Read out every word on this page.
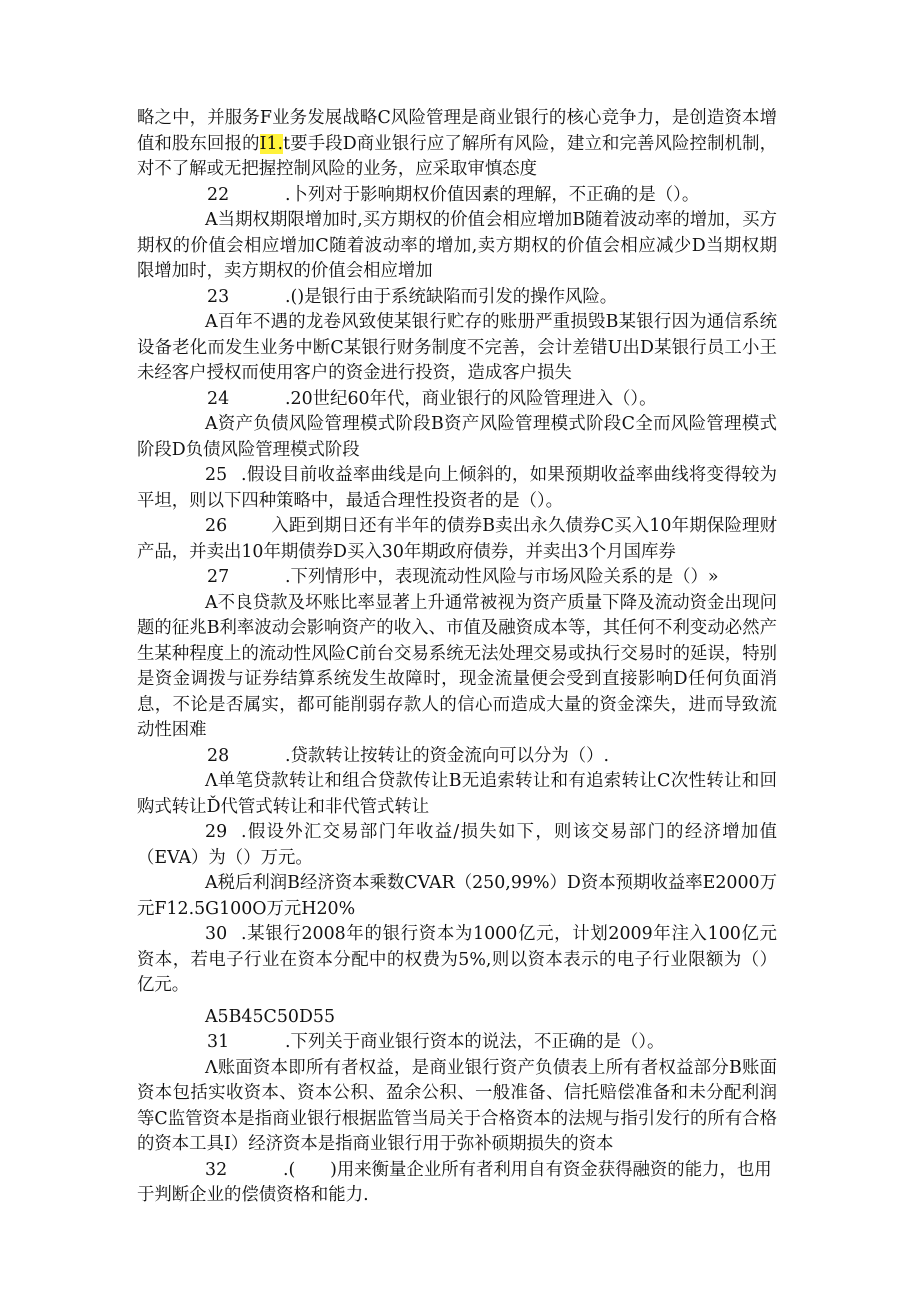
略之中，并服务F业务发展战略C风险管理是商业银行的核心竞争力，是创造资本增值和股东回报的I1.t要手段D商业银行应了解所有风险，建立和完善风险控制机制，对不了解或无把握控制风险的业务，应采取审慎态度

22	.卜列对于影响期权价值因素的理解，不正确的是（）。

A当期权期限增加时,买方期权的价值会相应增加B随着波动率的增加，买方期权的价值会相应增加C随着波动率的增加,卖方期权的价值会相应减少D当期权期限增加时，卖方期权的价值会相应增加

23	.()是银行由于系统缺陷而引发的操作风险。

A百年不遇的龙卷风致使某银行贮存的账册严重损毁B某银行因为通信系统设备老化而发生业务中断C某银行财务制度不完善，会计差错U出D某银行员工小王未经客户授权而使用客户的资金进行投资，造成客户损失

24	.20世纪60年代，商业银行的风险管理进入（）。

A资产负债风险管理模式阶段B资产风险管理模式阶段C全而风险管理模式阶段D负债风险管理模式阶段

25 .假设目前收益率曲线是向上倾斜的，如果预期收益率曲线将变得较为平坦，则以下四种策略中，最适合理性投资者的是（）。

26	入距到期日还有半年的债券B卖出永久债券C买入10年期保险理财产品，并卖出10年期债券D买入30年期政府债券，并卖出3个月国库券

27	.下列情形中，表现流动性风险与市场风险关系的是（）»

A不良贷款及坏账比率显著上升通常被视为资产质量下降及流动资金出现问题的征兆B利率波动会影响资产的收入、市值及融资成本等，其任何不利变动必然产生某种程度上的流动性风险C前台交易系统无法处理交易或执行交易时的延误，特别是资金调拨与证券结算系统发生故障时，现金流量便会受到直接影响D任何负面消息，不论是否属实，都可能削弱存款人的信心而造成大量的资金滦失，进而导致流动性困难

28	.贷款转让按转让的资金流向可以分为（）.

Λ单笔贷款转让和组合贷款传让B无追索转让和有追索转让C次性转让和回购式转让Ď代管式转让和非代管式转让

29 .假设外汇交易部门年收益/损失如下，则该交易部门的经济增加值（EVA）为（）万元。

A税后利润B经济资本乘数CVAR（250,99%）D资本预期收益率E2000万元F12.5G100O万元H20%

30 .某银行2008年的银行资本为1000亿元，计划2009年注入100亿元资本，若电子行业在资本分配中的权费为5%,则以资本表示的电子行业限额为（）亿元。

A5B45C50D55

31	.下列关于商业银行资本的说法，不正确的是（）。

Λ账面资本即所有者权益，是商业银行资产负债表上所有者权益部分B账面资本包括实收资本、资本公积、盈余公积、一般准备、信托赔偿准备和未分配利润等C监管资本是指商业银行根据监管当局关于合格资本的法规与指引发行的所有合格的资本工具I）经济资本是指商业银行用于弥补硕期损失的资本

32	.(　　)用来衡量企业所有者利用自有资金获得融资的能力，也用

于判断企业的偿债资格和能力.
